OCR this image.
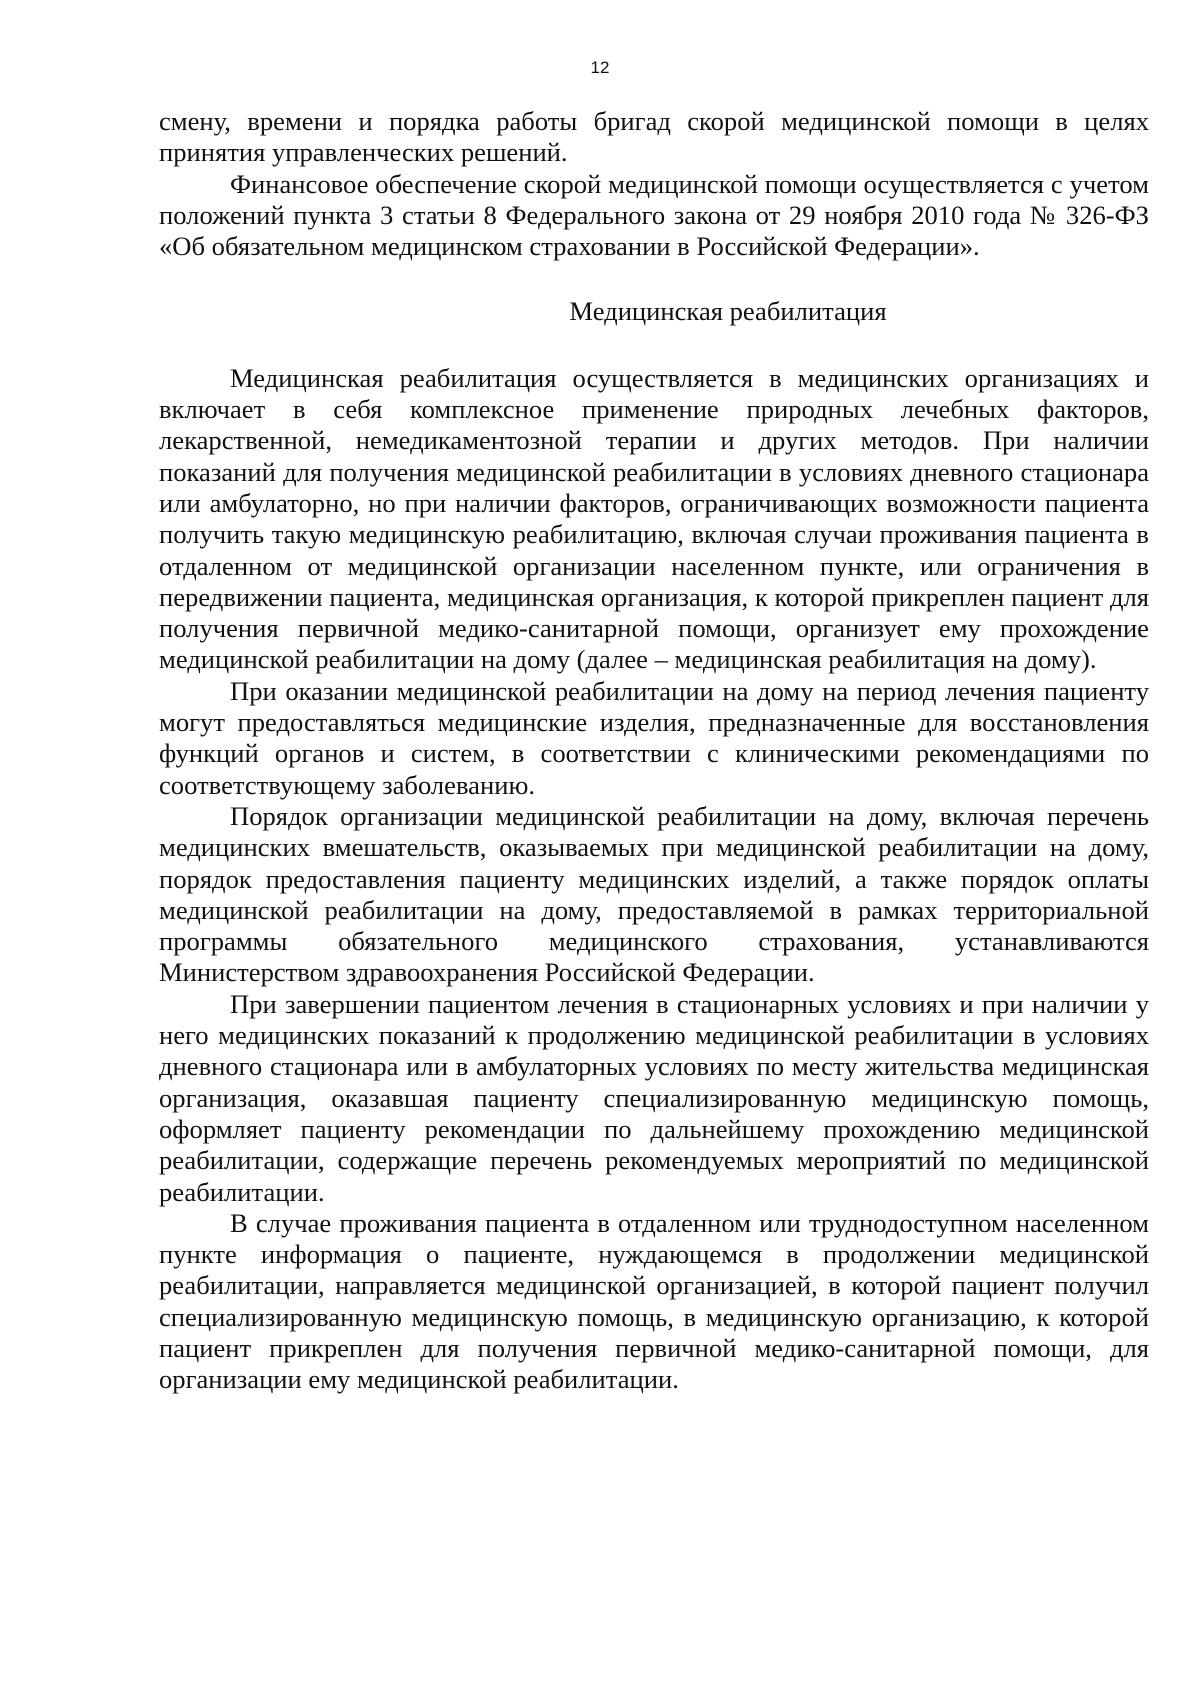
12

смену, времени и порядка работы бригад скорой медицинской помощи в целях принятия управленческих решений.

Финансовое обеспечение скорой медицинской помощи осуществляется с учетом положений пункта 3 статьи 8 Федерального закона от 29 ноября 2010 года № 326-ФЗ «Об обязательном медицинском страховании в Российской Федерации».

Медицинская реабилитация

Медицинская реабилитация осуществляется в медицинских организациях и включает в себя комплексное применение природных лечебных факторов, лекарственной, немедикаментозной терапии и других методов. При наличии показаний для получения медицинской реабилитации в условиях дневного стационара или амбулаторно, но при наличии факторов, ограничивающих возможности пациента получить такую медицинскую реабилитацию, включая случаи проживания пациента в отдаленном от медицинской организации населенном пункте, или ограничения в передвижении пациента, медицинская организация, к которой прикреплен пациент для получения первичной медико-санитарной помощи, организует ему прохождение медицинской реабилитации на дому (далее – медицинская реабилитация на дому).

При оказании медицинской реабилитации на дому на период лечения пациенту могут предоставляться медицинские изделия, предназначенные для восстановления функций органов и систем, в соответствии с клиническими рекомендациями по соответствующему заболеванию.

Порядок организации медицинской реабилитации на дому, включая перечень медицинских вмешательств, оказываемых при медицинской реабилитации на дому, порядок предоставления пациенту медицинских изделий, а также порядок оплаты медицинской реабилитации на дому, предоставляемой в рамках территориальной программы обязательного медицинского страхования, устанавливаются Министерством здравоохранения Российской Федерации.

При завершении пациентом лечения в стационарных условиях и при наличии у него медицинских показаний к продолжению медицинской реабилитации в условиях дневного стационара или в амбулаторных условиях по месту жительства медицинская организация, оказавшая пациенту специализированную медицинскую помощь, оформляет пациенту рекомендации по дальнейшему прохождению медицинской реабилитации, содержащие перечень рекомендуемых мероприятий по медицинской реабилитации.

В случае проживания пациента в отдаленном или труднодоступном населенном пункте информация о пациенте, нуждающемся в продолжении медицинской реабилитации, направляется медицинской организацией, в которой пациент получил специализированную медицинскую помощь, в медицинскую организацию, к которой пациент прикреплен для получения первичной медико-санитарной помощи, для организации ему медицинской реабилитации.
